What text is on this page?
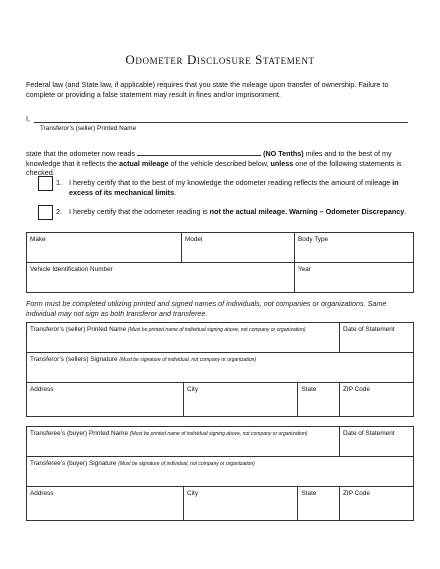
Odometer Disclosure Statement
Federal law (and State law, if applicable) requires that you state the mileage upon transfer of ownership. Failure to complete or providing a false statement may result in fines and/or imprisonment.
I,
Transferor’s (seller) Printed Name
state that the odometer now reads	(NO Tenths) miles and to the best of my knowledge that it reflects the actual mileage of the vehicle described below, unless one of the following statements is checked.
1. I hereby certify that to the best of my knowledge the odometer reading reflects the amount of mileage in excess of its mechanical limits.
2. I hereby certify that the odometer reading is not the actual mileage. Warning – Odometer Discrepancy.
Make	Model	Body Type
Vehicle Identification Number		Year
Form must be completed utilizing printed and signed names of individuals, not companies or organizations. Same individual may not sign as both transferor and transferee.
Transferor’s (seller) Printed Name (Must be printed name of individual signing above, not company or organization)			Date of Statement
Transferor’s (sellers) Signature (Must be signature of individual, not company or organization)			
Address	City	State	ZIP Code
Transferee’s (buyer) Printed Name (Must be printed name of individual signing above, not company or organization)			Date of Statement
Transferee’s (buyer) Signature (Must be signature of individual, not company or organization)			
Address	City	State	ZIP Code
